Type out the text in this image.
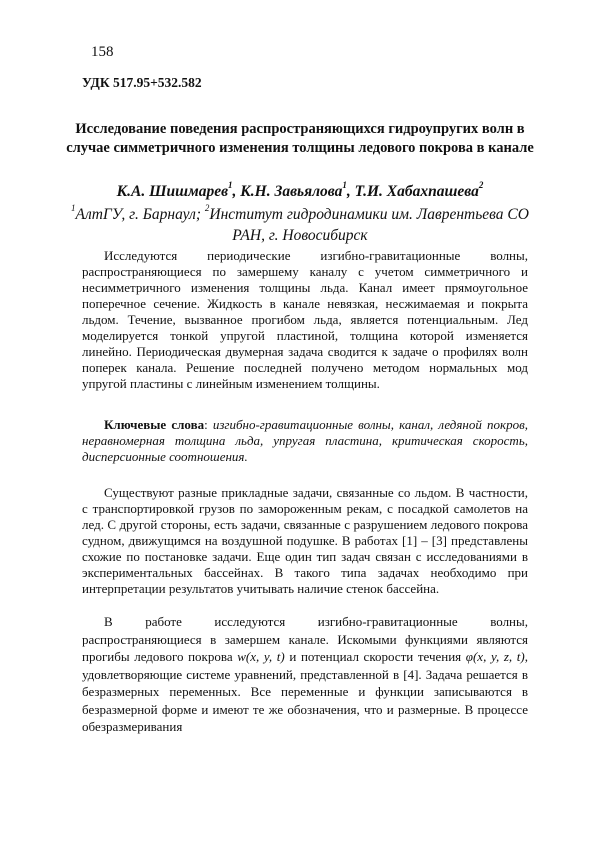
158
УДК 517.95+532.582
Исследование поведения распространяющихся гидроупругих волн в случае симметричного изменения толщины ледового покрова в канале
К.А. Шишмарев$^1$, К.Н. Завьялова$^1$, Т.И. Хабахпашева$^2$
$^1$АлтГУ, г. Барнаул; $^2$Институт гидродинамики им. Лаврентьева СО РАН, г. Новосибирск
Исследуются периодические изгибно-гравитационные волны, распространяющиеся по замершему каналу с учетом симметричного и несимметричного изменения толщины льда. Канал имеет прямоугольное поперечное сечение. Жидкость в канале невязкая, несжимаемая и покрыта льдом. Течение, вызванное прогибом льда, является потенциальным. Лед моделируется тонкой упругой пластиной, толщина которой изменяется линейно. Периодическая двумерная задача сводится к задаче о профилях волн поперек канала. Решение последней получено методом нормальных мод упругой пластины с линейным изменением толщины.
Ключевые слова: изгибно-гравитационные волны, канал, ледяной покров, неравномерная толщина льда, упругая пластина, критическая скорость, дисперсионные соотношения.
Существуют разные прикладные задачи, связанные со льдом. В частности, с транспортировкой грузов по замороженным рекам, с посадкой самолетов на лед. С другой стороны, есть задачи, связанные с разрушением ледового покрова судном, движущимся на воздушной подушке. В работах [1] – [3] представлены схожие по постановке задачи. Еще один тип задач связан с исследованиями в экспериментальных бассейнах. В такого типа задачах необходимо при интерпретации результатов учитывать наличие стенок бассейна.
В работе исследуются изгибно-гравитационные волны, распространяющиеся в замершем канале. Искомыми функциями являются прогибы ледового покрова w(x, y, t) и потенциал скорости течения φ(x, y, z, t), удовлетворяющие системе уравнений, представленной в [4]. Задача решается в безразмерных переменных. Все переменные и функции записываются в безразмерной форме и имеют те же обозначения, что и размерные. В процессе обезразмеривания
